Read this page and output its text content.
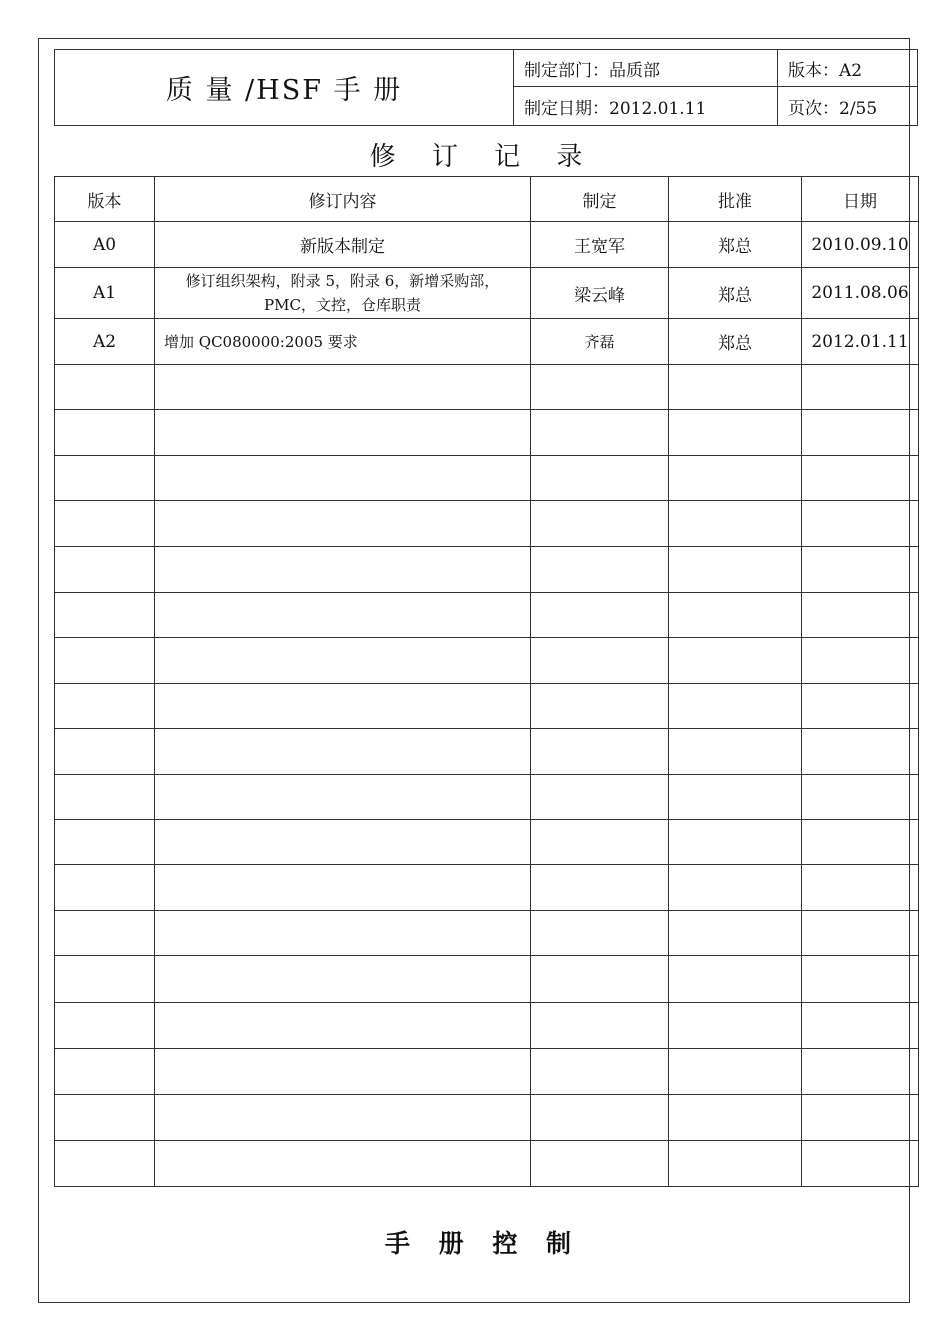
质 量 /HSF 手 册
制定部门：品质部
制定日期：2012.01.11
版本：A2
页次：2/55
修 订 记 录
版本	修订内容	制定	批准	日期
A0	新版本制定	王宽军	郑总	2010.09.10
A1	修订组织架构，附录 5，附录 6，新增采购部，PMC，文控，仓库职责	梁云峰	郑总	2011.08.06
A2	增加 QC080000:2005 要求	齐磊	郑总	2012.01.11

手 册 控 制
